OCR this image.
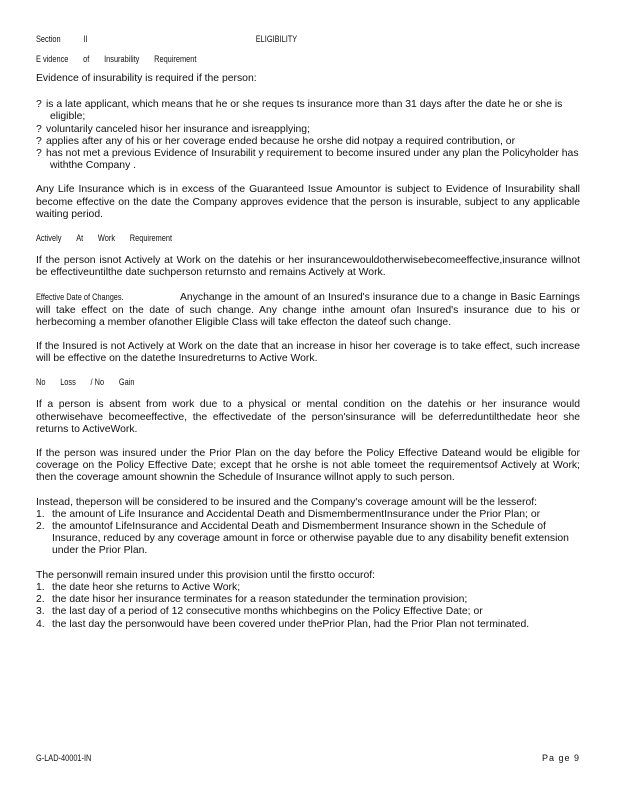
Section	II	ELIGIBILITY
E vidence of Insurability Requirement

Evidence of insurability is required if the person:

? is a late applicant, which means that he or she reques ts insurance more than 31 days after the date he or she is eligible;

? voluntarily canceled hisor her insurance and isreapplying;

? applies after any of his or her coverage ended because he orshe did notpay a required contribution, or

? has not met a previous Evidence of Insurabilit y requirement to become insured under any plan the Policyholder has withthe Company .

Any Life Insurance which is in excess of the Guaranteed Issue Amountor is subject to Evidence of Insurability shall become effective on the date the Company approves evidence that the person is insurable, subject to any applicable waiting period.

Actively At Work Requirement

If the person isnot Actively at Work on the datehis or her insurancewouldotherwisebecomeeffective,insurance willnot be effectiveuntilthe date suchperson returnsto and remains Actively at Work.

Effective Date of Changes.	Anychange in the amount of an Insured's insurance due to a change in Basic Earnings will take effect on the date of such change. Any change inthe amount ofan Insured's insurance due to his or herbecoming a member ofanother Eligible Class will take effecton the dateof such change.

If the Insured is not Actively at Work on the date that an increase in hisor her coverage is to take effect, such increase will be effective on the datethe Insuredreturns to Active Work.

No Loss / No Gain

If a person is absent from work due to a physical or mental condition on the datehis or her insurance would otherwisehave becomeeffective, the effectivedate of the person'sinsurance will be deferreduntilthedate heor she returns to ActiveWork.

If the person was insured under the Prior Plan on the day before the Policy Effective Dateand would be eligible for coverage on the Policy Effective Date; except that he orshe is not able tomeet the requirementsof Actively at Work; then the coverage amount shownin the Schedule of Insurance willnot apply to such person.

Instead, theperson will be considered to be insured and the Company's coverage amount will be the lesserof:

1. the amount of Life Insurance and Accidental Death and DismembermentInsurance under the Prior Plan; or

2. the amountof LifeInsurance and Accidental Death and Dismemberment Insurance shown in the Schedule of Insurance, reduced by any coverage amount in force or otherwise payable due to any disability benefit extension under the Prior Plan.

The personwill remain insured under this provision until the firstto occurof:

1. the date heor she returns to Active Work;

2. the date hisor her insurance terminates for a reason statedunder the termination provision;

3. the last day of a period of 12 consecutive months whichbegins on the Policy Effective Date; or

4. the last day the personwould have been covered under thePrior Plan, had the Prior Plan not terminated.

G-LAD-40001-IN	Pa ge 9
